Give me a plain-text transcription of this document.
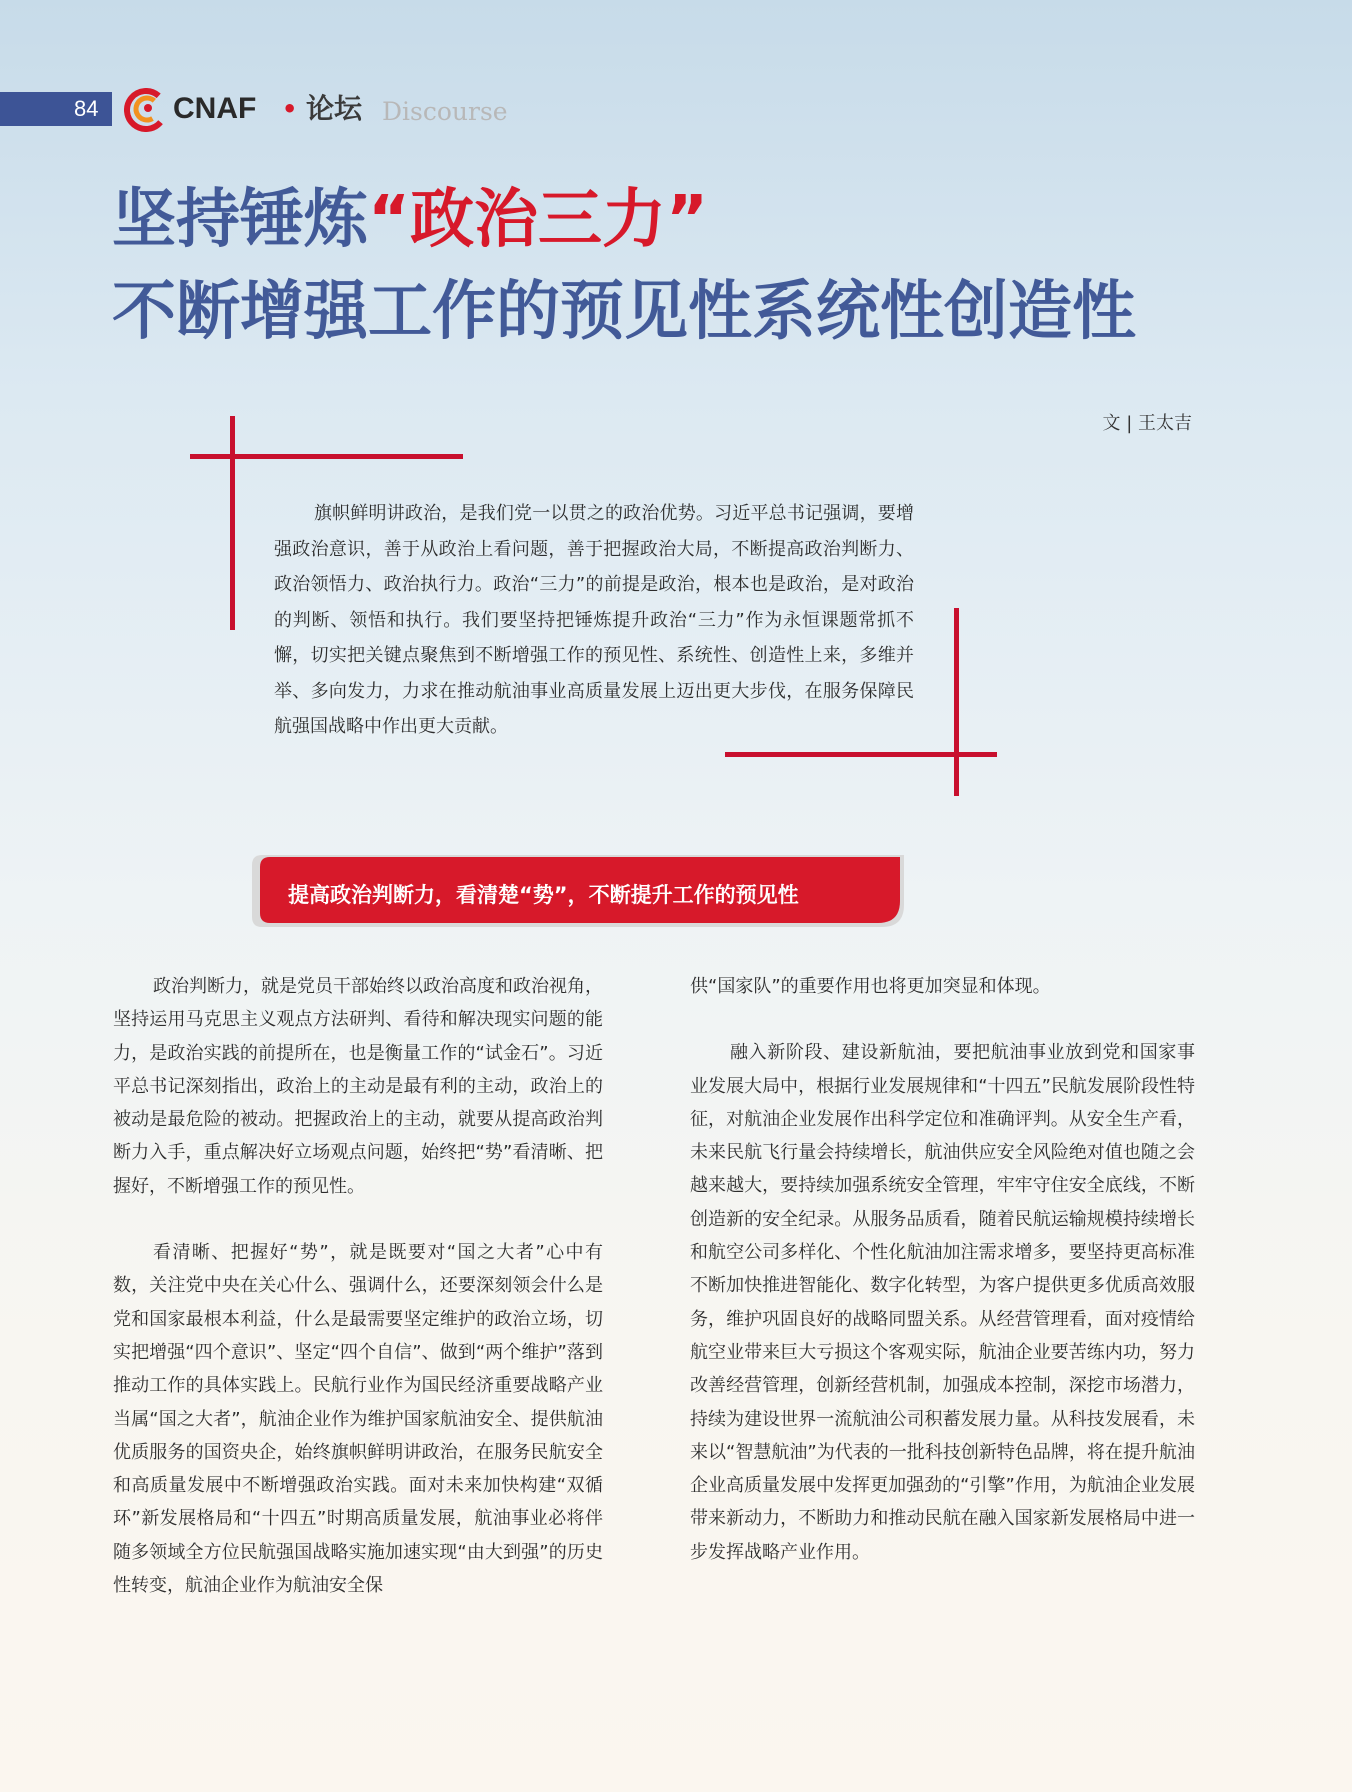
84 CNAF • 论坛 Discourse
坚持锤炼“政治三力”
不断增强工作的预见性系统性创造性
文 | 王太吉
旗帜鲜明讲政治，是我们党一以贯之的政治优势。习近平总书记强调，要增强政治意识，善于从政治上看问题，善于把握政治大局，不断提高政治判断力、政治领悟力、政治执行力。政治“三力”的前提是政治，根本也是政治，是对政治的判断、领悟和执行。我们要坚持把锤炼提升政治“三力”作为永恒课题常抓不懈，切实把关键点聚焦到不断增强工作的预见性、系统性、创造性上来，多维并举、多向发力，力求在推动航油事业高质量发展上迈出更大步伐，在服务保障民航强国战略中作出更大贡献。
提高政治判断力，看清楚“势”，不断提升工作的预见性

政治判断力，就是党员干部始终以政治高度和政治视角，坚持运用马克思主义观点方法研判、看待和解决现实问题的能力，是政治实践的前提所在，也是衡量工作的“试金石”。习近平总书记深刻指出，政治上的主动是最有利的主动，政治上的被动是最危险的被动。把握政治上的主动，就要从提高政治判断力入手，重点解决好立场观点问题，始终把“势”看清晰、把握好，不断增强工作的预见性。

看清晰、把握好“势”，就是既要对“国之大者”心中有数，关注党中央在关心什么、强调什么，还要深刻领会什么是党和国家最根本利益，什么是最需要坚定维护的政治立场，切实把增强“四个意识”、坚定“四个自信”、做到“两个维护”落到推动工作的具体实践上。民航行业作为国民经济重要战略产业当属“国之大者”，航油企业作为维护国家航油安全、提供航油优质服务的国资央企，始终旗帜鲜明讲政治，在服务民航安全和高质量发展中不断增强政治实践。面对未来加快构建“双循环”新发展格局和“十四五”时期高质量发展，航油事业必将伴随多领域全方位民航强国战略实施加速实现“由大到强”的历史性转变，航油企业作为航油安全保

供“国家队”的重要作用也将更加突显和体现。

融入新阶段、建设新航油，要把航油事业放到党和国家事业发展大局中，根据行业发展规律和“十四五”民航发展阶段性特征，对航油企业发展作出科学定位和准确评判。从安全生产看，未来民航飞行量会持续增长，航油供应安全风险绝对值也随之会越来越大，要持续加强系统安全管理，牢牢守住安全底线，不断创造新的安全纪录。从服务品质看，随着民航运输规模持续增长和航空公司多样化、个性化航油加注需求增多，要坚持更高标准不断加快推进智能化、数字化转型，为客户提供更多优质高效服务，维护巩固良好的战略同盟关系。从经营管理看，面对疫情给航空业带来巨大亏损这个客观实际，航油企业要苦练内功，努力改善经营管理，创新经营机制，加强成本控制，深挖市场潜力，持续为建设世界一流航油公司积蓄发展力量。从科技发展看，未来以“智慧航油”为代表的一批科技创新特色品牌，将在提升航油企业高质量发展中发挥更加强劲的“引擎”作用，为航油企业发展带来新动力，不断助力和推动民航在融入国家新发展格局中进一步发挥战略产业作用。
